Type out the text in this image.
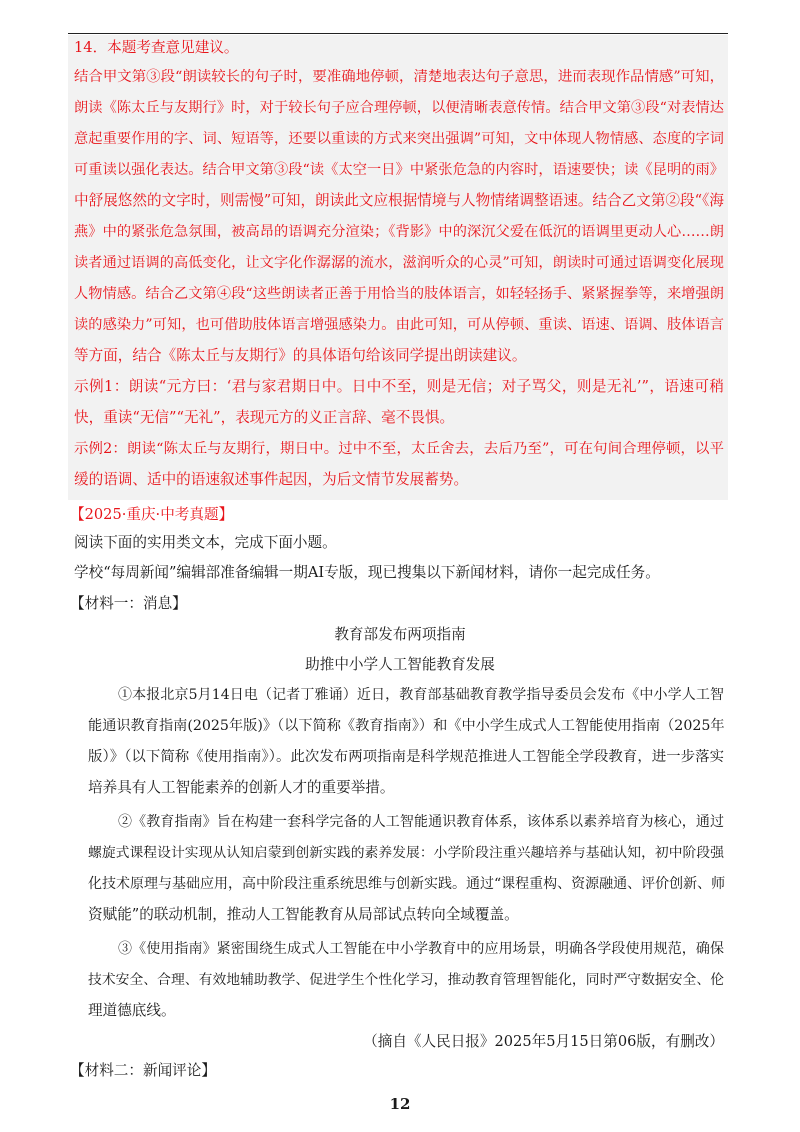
14．本题考查意见建议。
结合甲文第③段“朗读较长的句子时，要准确地停顿，清楚地表达句子意思，进而表现作品情感”可知，
朗读《陈太丘与友期行》时，对于较长句子应合理停顿，以便清晰表意传情。结合甲文第③段“对表情达
意起重要作用的字、词、短语等，还要以重读的方式来突出强调”可知，文中体现人物情感、态度的字词
可重读以强化表达。结合甲文第③段“读《太空一日》中紧张危急的内容时，语速要快；读《昆明的雨》
中舒展悠然的文字时，则需慢”可知，朗读此文应根据情境与人物情绪调整语速。结合乙文第②段“《海
燕》中的紧张危急氛围，被高昂的语调充分渲染；《背影》中的深沉父爱在低沉的语调里更动人心……朗
读者通过语调的高低变化，让文字化作潺潺的流水，滋润听众的心灵”可知，朗读时可通过语调变化展现
人物情感。结合乙文第④段“这些朗读者正善于用恰当的肢体语言，如轻轻扬手、紧紧握拳等，来增强朗
读的感染力”可知，也可借助肢体语言增强感染力。由此可知，可从停顿、重读、语速、语调、肢体语言
等方面，结合《陈太丘与友期行》的具体语句给该同学提出朗读建议。
示例1：朗读“元方曰：‘君与家君期日中。日中不至，则是无信；对子骂父，则是无礼’”，语速可稍
快，重读“无信”“无礼”，表现元方的义正言辞、毫不畏惧。
示例2：朗读“陈太丘与友期行，期日中。过中不至，太丘舍去，去后乃至”，可在句间合理停顿，以平
缓的语调、适中的语速叙述事件起因，为后文情节发展蓄势。
【2025·重庆·中考真题】
阅读下面的实用类文本，完成下面小题。
学校“每周新闻”编辑部准备编辑一期AI专版，现已搜集以下新闻材料，请你一起完成任务。
【材料一：消息】
教育部发布两项指南
助推中小学人工智能教育发展
①本报北京5月14日电（记者丁雅诵）近日，教育部基础教育教学指导委员会发布《中小学人工智
能通识教育指南(2025年版)》（以下简称《教育指南》）和《中小学生成式人工智能使用指南（2025年
版）》（以下简称《使用指南》）。此次发布两项指南是科学规范推进人工智能全学段教育，进一步落实
培养具有人工智能素养的创新人才的重要举措。
②《教育指南》旨在构建一套科学完备的人工智能通识教育体系，该体系以素养培育为核心，通过
螺旋式课程设计实现从认知启蒙到创新实践的素养发展：小学阶段注重兴趣培养与基础认知，初中阶段强
化技术原理与基础应用，高中阶段注重系统思维与创新实践。通过“课程重构、资源融通、评价创新、师
资赋能”的联动机制，推动人工智能教育从局部试点转向全域覆盖。
③《使用指南》紧密围绕生成式人工智能在中小学教育中的应用场景，明确各学段使用规范，确保
技术安全、合理、有效地辅助教学、促进学生个性化学习，推动教育管理智能化，同时严守数据安全、伦
理道德底线。
（摘自《人民日报》2025年5月15日第06版，有删改）
【材料二：新闻评论】
12
